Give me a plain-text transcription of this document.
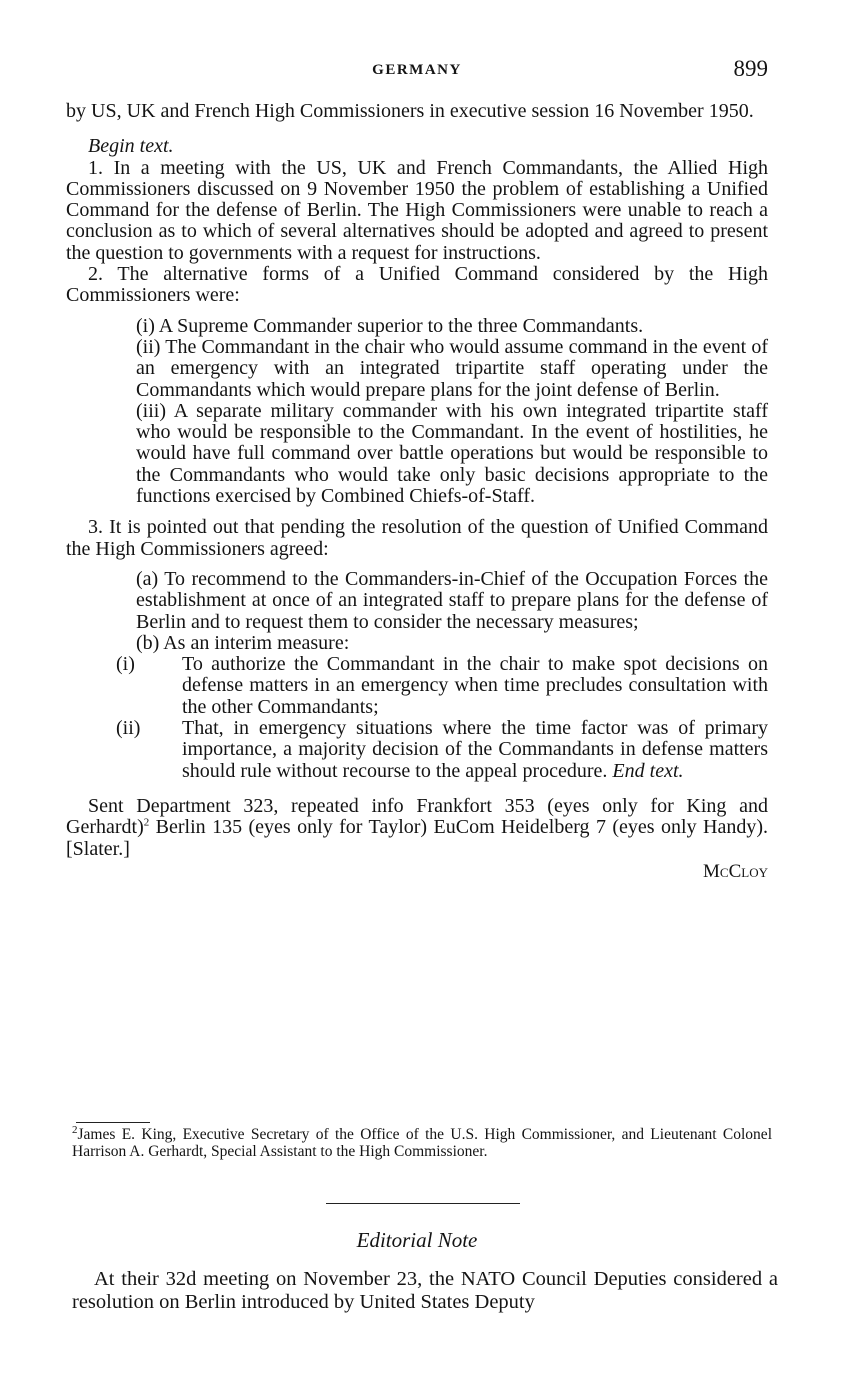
GERMANY	899

by US, UK and French High Commissioners in executive session 16 November 1950.

Begin text.

1. In a meeting with the US, UK and French Commandants, the Allied High Commissioners discussed on 9 November 1950 the problem of establishing a Unified Command for the defense of Berlin. The High Commissioners were unable to reach a conclusion as to which of several alternatives should be adopted and agreed to present the question to governments with a request for instructions.

2. The alternative forms of a Unified Command considered by the High Commissioners were:

(i) A Supreme Commander superior to the three Commandants.

(ii) The Commandant in the chair who would assume command in the event of an emergency with an integrated tripartite staff operating under the Commandants which would prepare plans for the joint defense of Berlin.

(iii) A separate military commander with his own integrated tripartite staff who would be responsible to the Commandant. In the event of hostilities, he would have full command over battle operations but would be responsible to the Commandants who would take only basic decisions appropriate to the functions exercised by Combined Chiefs-of-Staff.

3. It is pointed out that pending the resolution of the question of Unified Command the High Commissioners agreed:

(a) To recommend to the Commanders-in-Chief of the Occupation Forces the establishment at once of an integrated staff to prepare plans for the defense of Berlin and to request them to consider the necessary measures;

(b) As an interim measure:

(i) To authorize the Commandant in the chair to make spot decisions on defense matters in an emergency when time precludes consultation with the other Commandants;

(ii) That, in emergency situations where the time factor was of primary importance, a majority decision of the Commandants in defense matters should rule without recourse to the appeal procedure. End text.

Sent Department 323, repeated info Frankfort 353 (eyes only for King and Gerhardt)$^2$ Berlin 135 (eyes only for Taylor) EuCom Heidelberg 7 (eyes only Handy). [Slater.]

McCloy

$^2$James E. King, Executive Secretary of the Office of the U.S. High Commissioner, and Lieutenant Colonel Harrison A. Gerhardt, Special Assistant to the High Commissioner.
Editorial Note

At their 32d meeting on November 23, the NATO Council Deputies considered a resolution on Berlin introduced by United States Deputy
